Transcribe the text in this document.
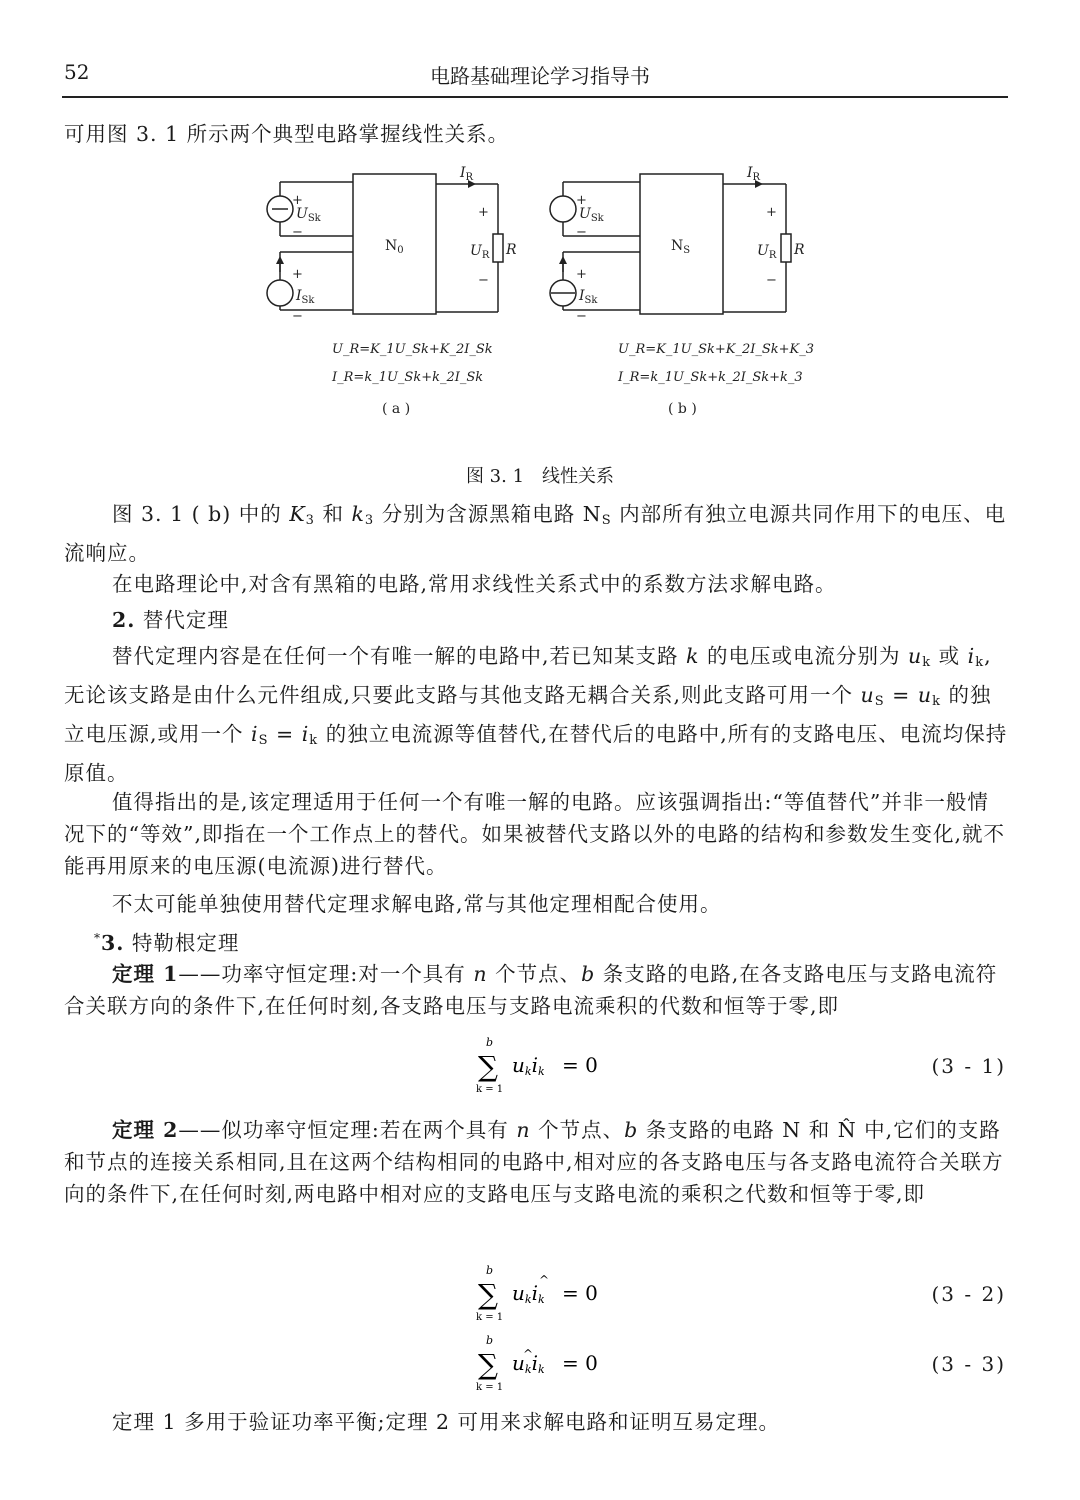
52	电路基础理论学习指导书
可用图 3. 1 所示两个典型电路掌握线性关系。
+
−
+
−
+
−
+
−
+
−
+
−
$U_{Sk}$
$I_{Sk}$
$N_0$
$I_R$
$U_R$ R
$U_{Sk}$
$I_{Sk}$
$N_S$
$I_R$
$U_R$ R
U_R=K_1U_Sk+K_2I_Sk
I_R=k_1U_Sk+k_2I_Sk
U_R=K_1U_Sk+K_2I_Sk+K_3
I_R=k_1U_Sk+k_2I_Sk+k_3
( a )	( b )
图 3. 1　线性关系
图 3. 1 ( b) 中的 $K_3$ 和 $k_3$ 分别为含源黑箱电路 $N_S$ 内部所有独立电源共同作用下的电压、电流响应。
在电路理论中,对含有黑箱的电路,常用求线性关系式中的系数方法求解电路。
2. 替代定理
替代定理内容是在任何一个有唯一解的电路中,若已知某支路 k 的电压或电流分别为 $u_k$ 或 $i_k$,无论该支路是由什么元件组成,只要此支路与其他支路无耦合关系,则此支路可用一个 $u_S = u_k$ 的独立电压源,或用一个 $i_S = i_k$ 的独立电流源等值替代,在替代后的电路中,所有的支路电压、电流均保持原值。
值得指出的是,该定理适用于任何一个有唯一解的电路。应该强调指出:“等值替代”并非一般情况下的“等效”,即指在一个工作点上的替代。如果被替代支路以外的电路的结构和参数发生变化,就不能再用原来的电压源(电流源)进行替代。
不太可能单独使用替代定理求解电路,常与其他定理相配合使用。
*3. 特勒根定理
定理 1——功率守恒定理:对一个具有 n 个节点、b 条支路的电路,在各支路电压与支路电流符合关联方向的条件下,在任何时刻,各支路电压与支路电流乘积的代数和恒等于零,即
b
∑
k = 1
ukik = 0	(3 - 1)
定理 2——似功率守恒定理:若在两个具有 n 个节点、b 条支路的电路 N 和 N̂ 中,它们的支路和节点的连接关系相同,且在这两个结构相同的电路中,相对应的各支路电压与各支路电流符合关联方向的条件下,在任何时刻,两电路中相对应的支路电压与支路电流的乘积之代数和恒等于零,即
b
∑
k = 1
ukik
^
= 0	(3 - 2)
b
∑
k = 1
ukik
^ = 0	(3 - 3)
定理 1 多用于验证功率平衡;定理 2 可用来求解电路和证明互易定理。
